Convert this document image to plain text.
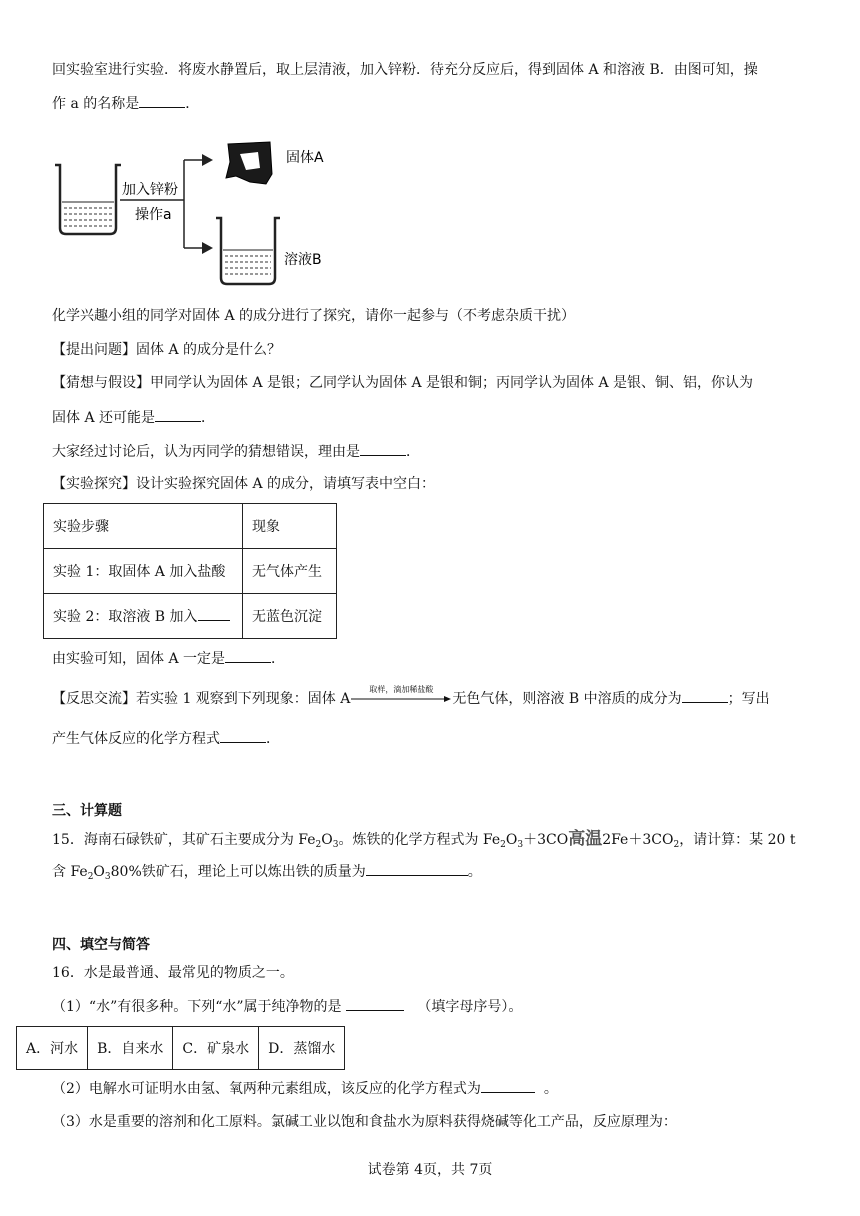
回实验室进行实验．将废水静置后，取上层清液，加入锌粉．待充分反应后，得到固体 A 和溶液 B．由图可知，操
作 a 的名称是	．
加入锌粉
操作a
固体A
溶液B
化学兴趣小组的同学对固体 A 的成分进行了探究，请你一起参与（不考虑杂质干扰）
【提出问题】固体 A 的成分是什么？
【猜想与假设】甲同学认为固体 A 是银；乙同学认为固体 A 是银和铜；丙同学认为固体 A 是银、铜、铝，你认为
固体 A 还可能是	．
大家经过讨论后，认为丙同学的猜想错误，理由是	．
【实验探究】设计实验探究固体 A 的成分，请填写表中空白：
实验步骤	现象
实验 1：取固体 A 加入盐酸	无气体产生
实验 2：取溶液 B 加入	无蓝色沉淀
由实验可知，固体 A 一定是	．
【反思交流】若实验 1 观察到下列现象：固体 A
取样，滴加稀盐酸
无色气体，则溶液 B 中溶质的成分为	；写出
产生气体反应的化学方程式	．
三、计算题
15．海南石碌铁矿，其矿石主要成分为 $Fe_2O_3$。炼铁的化学方程式为 $Fe_2O_3+3CO$高温$2Fe+3CO_2$，请计算：某 20 t
含 $Fe_2O_380\%$铁矿石，理论上可以炼出铁的质量为	。
四、填空与简答
16．水是最普通、最常见的物质之一。
（1）“水”有很多种。下列“水”属于纯净物的是	（填字母序号）。
A．河水	B．自来水	C．矿泉水	D．蒸馏水
（2）电解水可证明水由氢、氧两种元素组成，该反应的化学方程式为	。
（3）水是重要的溶剂和化工原料。氯碱工业以饱和食盐水为原料获得烧碱等化工产品，反应原理为：
试卷第 4页，共 7页
